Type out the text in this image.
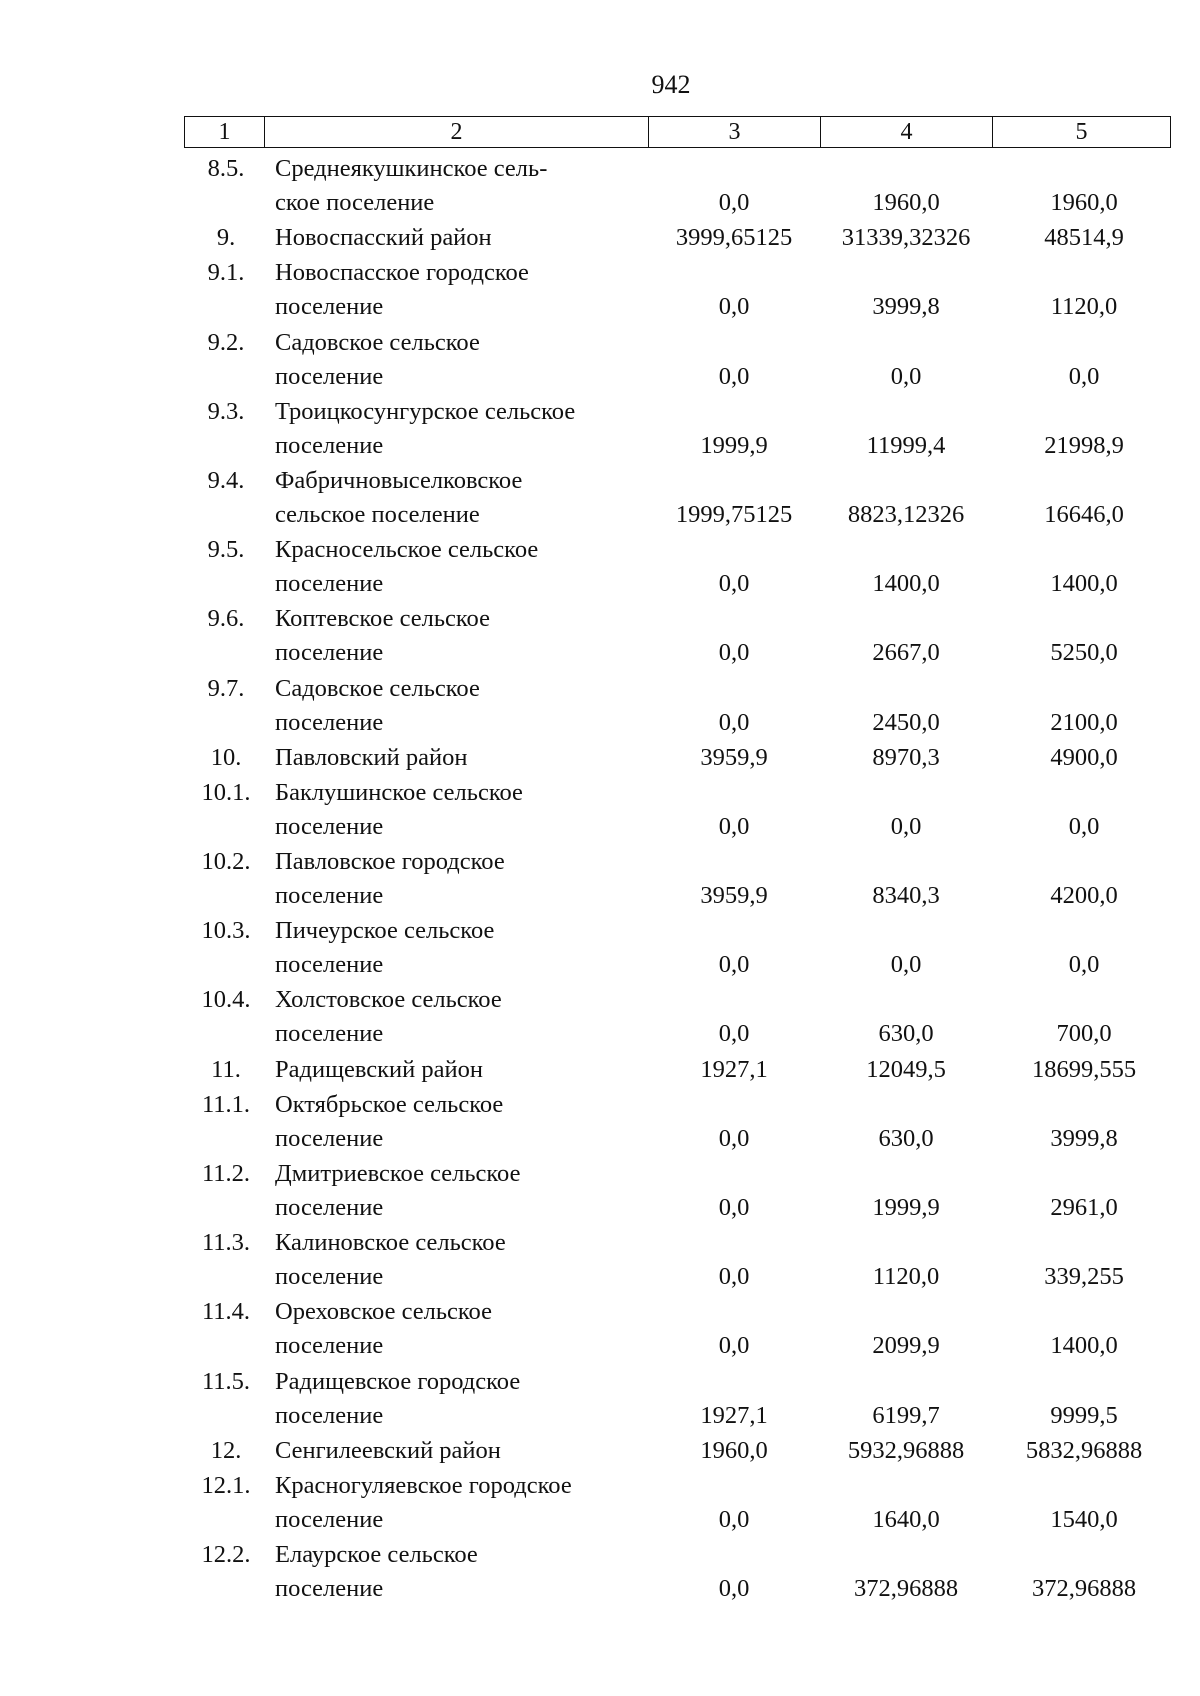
942
1	2	3	4	5
8.5.	Среднеякушкинское сель-
ское поселение	0,0	1960,0	1960,0
9.	Новоспасский район	3999,65125	31339,32326	48514,9
9.1.	Новоспасское городское
поселение	0,0	3999,8	1120,0
9.2.	Садовское сельское
поселение	0,0	0,0	0,0
9.3.	Троицкосунгурское сельское
поселение	1999,9	11999,4	21998,9
9.4.	Фабричновыселковское
сельское поселение	1999,75125	8823,12326	16646,0
9.5.	Красносельское сельское
поселение	0,0	1400,0	1400,0
9.6.	Коптевское сельское
поселение	0,0	2667,0	5250,0
9.7.	Садовское сельское
поселение	0,0	2450,0	2100,0
10.	Павловский район	3959,9	8970,3	4900,0
10.1.	Баклушинское сельское
поселение	0,0	0,0	0,0
10.2.	Павловское городское
поселение	3959,9	8340,3	4200,0
10.3.	Пичеурское сельское
поселение	0,0	0,0	0,0
10.4.	Холстовское сельское
поселение	0,0	630,0	700,0
11.	Радищевский район	1927,1	12049,5	18699,555
11.1.	Октябрьское сельское
поселение	0,0	630,0	3999,8
11.2.	Дмитриевское сельское
поселение	0,0	1999,9	2961,0
11.3.	Калиновское сельское
поселение	0,0	1120,0	339,255
11.4.	Ореховское сельское
поселение	0,0	2099,9	1400,0
11.5.	Радищевское городское
поселение	1927,1	6199,7	9999,5
12.	Сенгилеевский район	1960,0	5932,96888	5832,96888
12.1.	Красногуляевское городское
поселение	0,0	1640,0	1540,0
12.2.	Елаурское сельское
поселение	0,0	372,96888	372,96888
